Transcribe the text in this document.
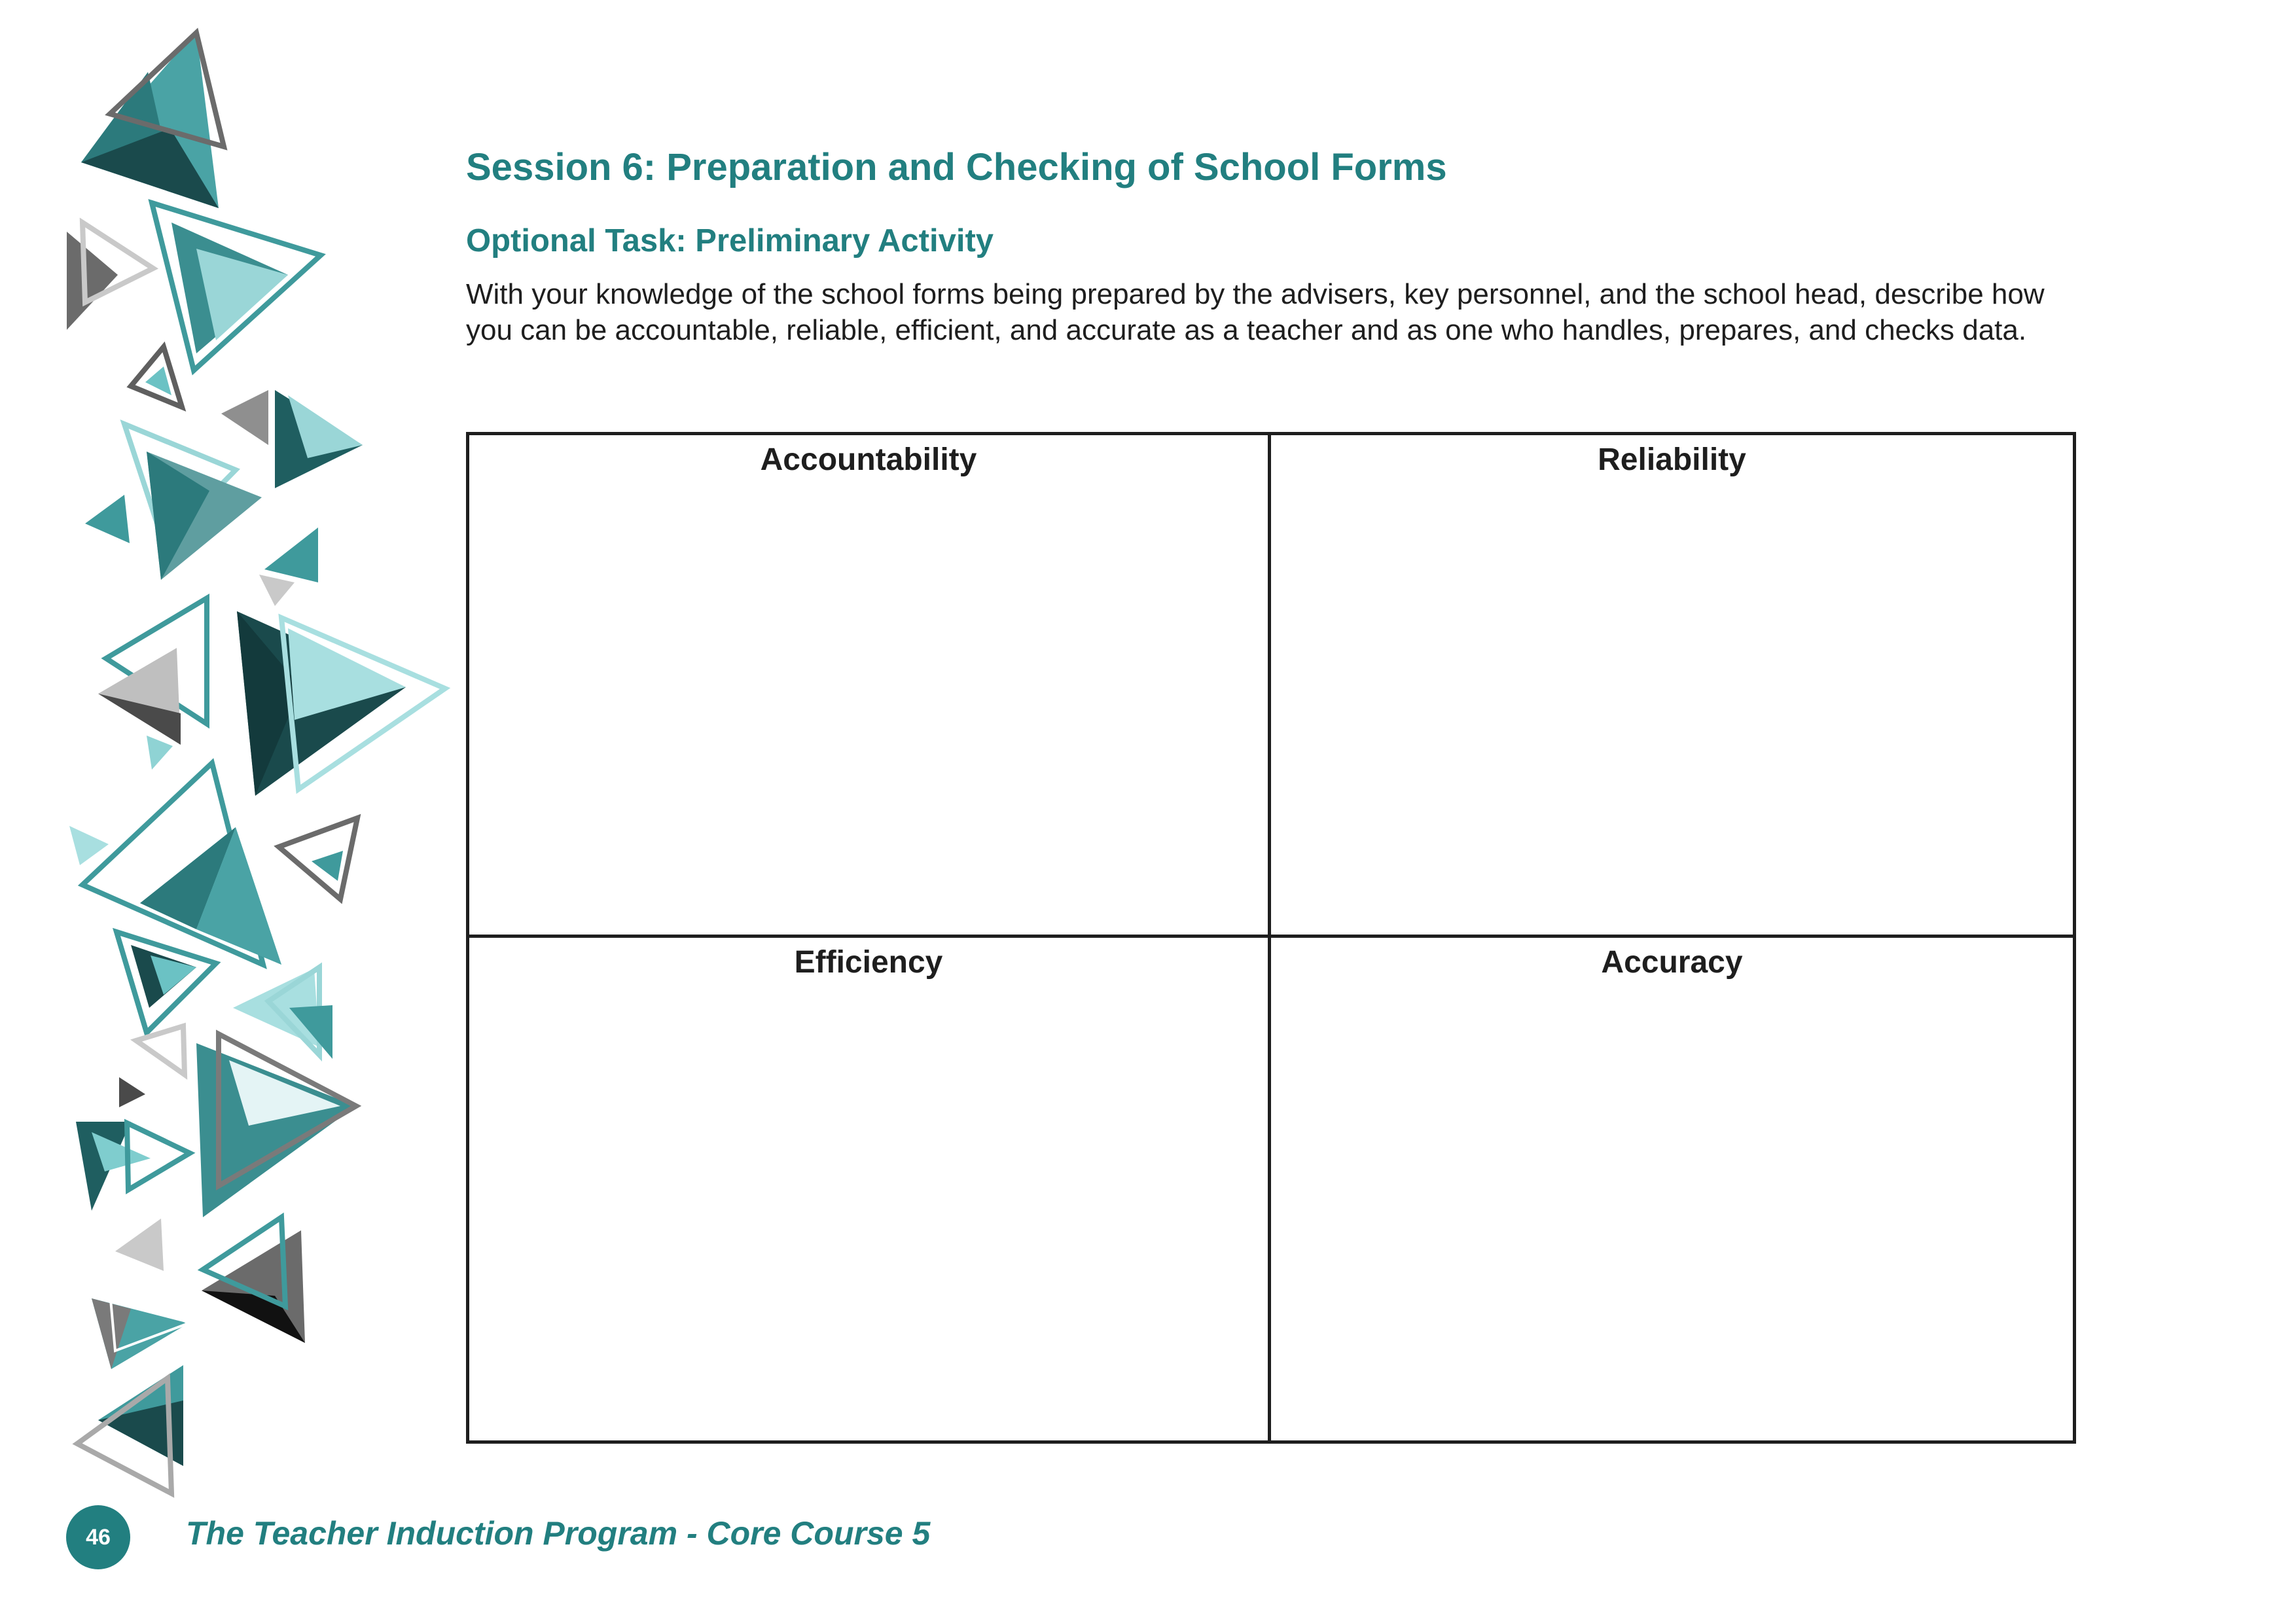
Session 6: Preparation and Checking of School Forms
Optional Task: Preliminary Activity
With your knowledge of the school forms being prepared by the advisers, key personnel, and the school head, describe how
you can be accountable, reliable, efficient, and accurate as a teacher and as one who handles, prepares, and checks data.
Accountability	Reliability
Efficiency	Accuracy
46 The Teacher Induction Program - Core Course 5
